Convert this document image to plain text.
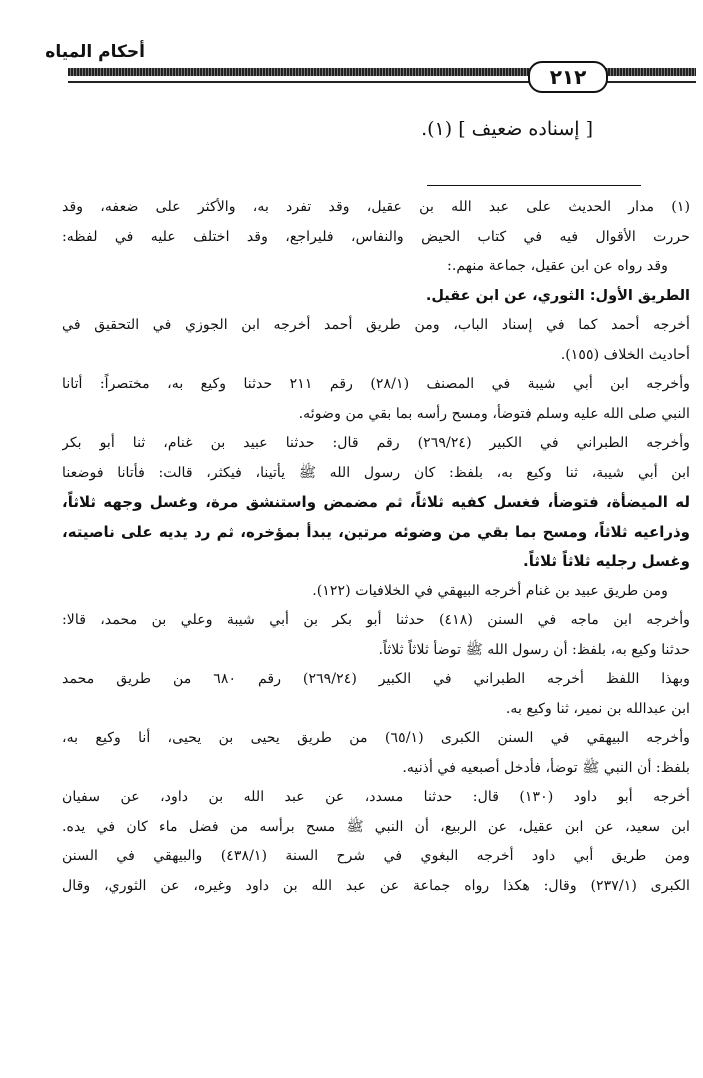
أحكام المياه
٢١٢
[ إسناده ضعيف ] (١).
(١) مدار الحديث على عبد الله بن عقيل، وقد تفرد به، والأكثر على ضعفه، وقد
حررت الأقوال فيه في كتاب الحيض والنفاس، فليراجع، وقد اختلف عليه في لفظه:
وقد رواه عن ابن عقيل، جماعة منهم.:
الطريق الأول: الثوري، عن ابن عقيل.
أخرجه أحمد كما في إسناد الباب، ومن طريق أحمد أخرجه ابن الجوزي في التحقيق في
أحاديث الخلاف (١٥٥).
وأخرجه ابن أبي شيبة في المصنف (٢٨/١) رقم ٢١١ حدثنا وكيع به، مختصراً: أتانا
النبي صلى الله عليه وسلم فتوضأ، ومسح رأسه بما بقي من وضوئه.
وأخرجه الطبراني في الكبير (٢٦٩/٢٤) رقم قال: حدثنا عبيد بن غنام، ثنا أبو بكر
ابن أبي شيبة، ثنا وكيع به، بلفظ: كان رسول الله ﷺ يأتينا، فيكثر، قالت: فأتانا فوضعنا
له الميضأة، فتوضأ، فغسل كفيه ثلاثاً، ثم مضمض واستنشق مرة، وغسل وجهه ثلاثاً،
وذراعيه ثلاثاً، ومسح بما بقي من وضوئه مرتين، يبدأ بمؤخره، ثم رد يديه على ناصيته،
وغسل رجليه ثلاثاً ثلاثاً.
ومن طريق عبيد بن غنام أخرجه البيهقي في الخلافيات (١٢٢).
وأخرجه ابن ماجه في السنن (٤١٨) حدثنا أبو بكر بن أبي شيبة وعلي بن محمد، قالا:
حدثنا وكيع به، بلفظ: أن رسول الله ﷺ توضأ ثلاثاً ثلاثاً.
وبهذا اللفظ أخرجه الطبراني في الكبير (٢٦٩/٢٤) رقم ٦٨٠ من طريق محمد
ابن عبدالله بن نمير، ثنا وكيع به.
وأخرجه البيهقي في السنن الكبرى (٦٥/١) من طريق يحيى بن يحيى، أنا وكيع به،
بلفظ: أن النبي ﷺ توضأ، فأدخل أصبعيه في أذنيه.
أخرجه أبو داود (١٣٠) قال: حدثنا مسدد، عن عبد الله بن داود، عن سفيان
ابن سعيد، عن ابن عقيل، عن الربيع، أن النبي ﷺ مسح برأسه من فضل ماء كان في يده.
ومن طريق أبي داود أخرجه البغوي في شرح السنة (٤٣٨/١) والبيهقي في السنن
الكبرى (٢٣٧/١) وقال: هكذا رواه جماعة عن عبد الله بن داود وغيره، عن الثوري، وقال
